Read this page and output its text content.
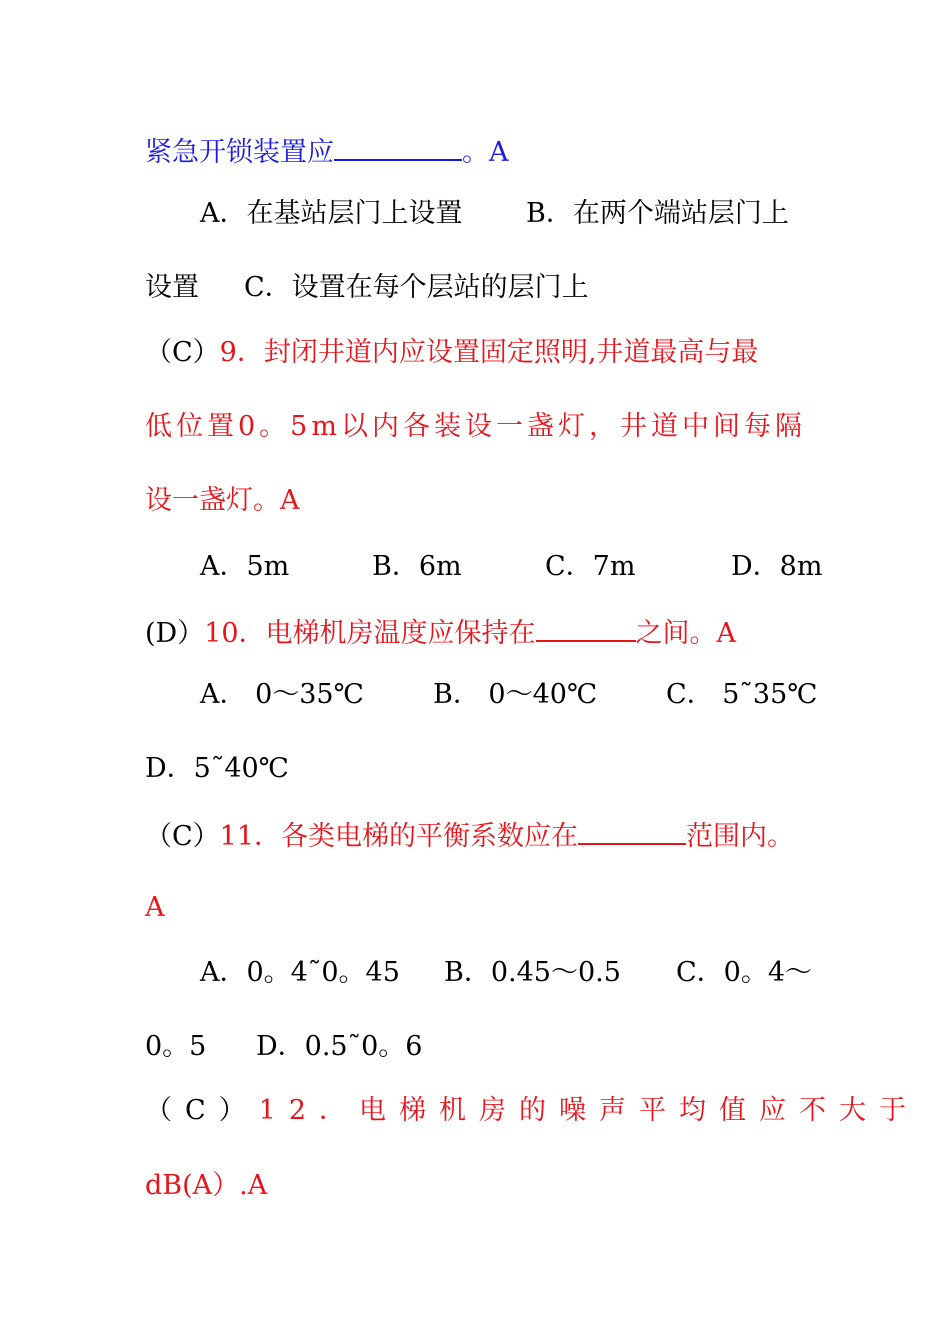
紧急开锁装置应	。A
A．在基站层门上设置 B．在两个端站层门上
设置 C．设置在每个层站的层门上
（C）9．封闭井道内应设置固定照明,井道最高与最
低位置0。5m以内各装设一盏灯，井道中间每隔
设一盏灯。A
A．5m	B．6m	C．7m	D．8m
(D）10．电梯机房温度应保持在	之间。A
A． 0～35℃	B． 0～40℃	C． 5˜35℃
D．5˜40℃
（C）11．各类电梯的平衡系数应在	范围内。
A
A．0。4˜0。45 B．0.45～0.5 C．0。4～
0。5 D．0.5˜0。6
（C）12．电梯机房的噪声平均值应不大于
dB(A）.A
